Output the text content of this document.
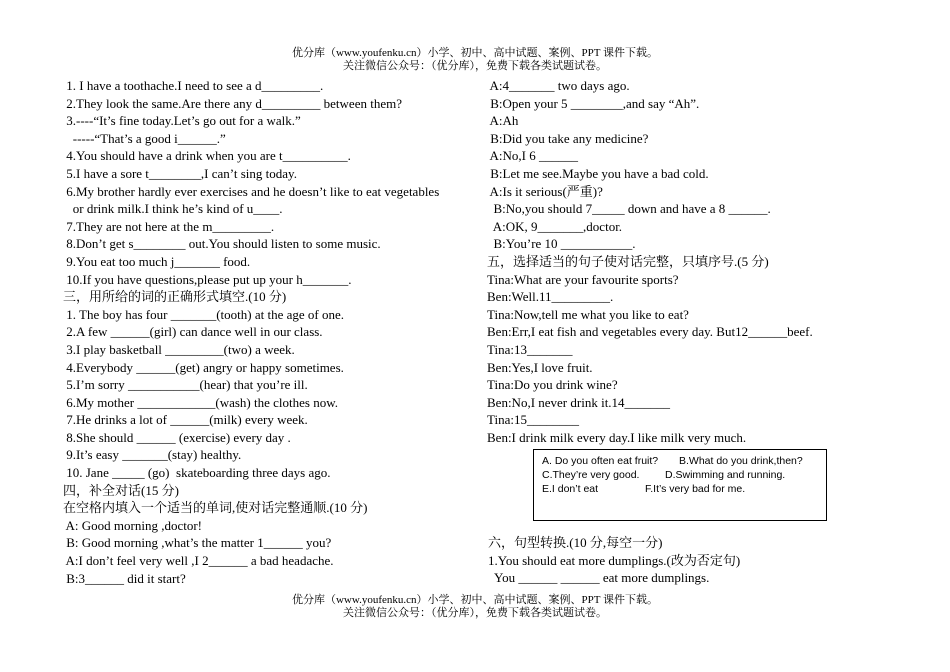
优分库（www.youfenku.cn）小学、初中、高中试题、案例、PPT 课件下载。
关注微信公众号：（优分库），免费下载各类试题试卷。
1. I have a toothache.I need to see a d_________.
2.They look the same.Are there any d_________ between them?
3.----“It’s fine today.Let’s go out for a walk.”
-----“That’s a good i______.”
4.You should have a drink when you are t__________.
5.I have a sore t________,I can’t sing today.
6.My brother hardly ever exercises and he doesn’t like to eat vegetables
or drink milk.I think he’s kind of u____.
7.They are not here at the m_________.
8.Don’t get s________ out.You should listen to some music.
9.You eat too much j_______ food.
10.If you have questions,please put up your h_______.
三，用所给的词的正确形式填空.(10 分)
1. The boy has four _______(tooth) at the age of one.
2.A few ______(girl) can dance well in our class.
3.I play basketball _________(two) a week.
4.Everybody ______(get) angry or happy sometimes.
5.I’m sorry ___________(hear) that you’re ill.
6.My mother ____________(wash) the clothes now.
7.He drinks a lot of ______(milk) every week.
8.She should ______ (exercise) every day .
9.It’s easy _______(stay) healthy.
10. Jane _____ (go)  skateboarding three days ago.
四，补全对话(15 分)
在空格内填入一个适当的单词,使对话完整通顺.(10 分)
A: Good morning ,doctor!
B: Good morning ,what’s the matter 1______ you?
A:I don’t feel very well ,I 2______ a bad headache.
B:3______ did it start?
A:4_______ two days ago.
B:Open your 5 ________,and say “Ah”.
A:Ah
B:Did you take any medicine?
A:No,I 6 ______
B:Let me see.Maybe you have a bad cold.
A:Is it serious(严重)?
B:No,you should 7_____ down and have a 8 ______.
A:OK, 9_______,doctor.
B:You’re 10 ___________.
五，选择适当的句子使对话完整，只填序号.(5 分)
Tina:What are your favourite sports?
Ben:Well.11_________.
Tina:Now,tell me what you like to eat?
Ben:Err,I eat fish and vegetables every day. But12______beef.
Tina:13_______
Ben:Yes,I love fruit.
Tina:Do you drink wine?
Ben:No,I never drink it.14_______
Tina:15________
Ben:I drink milk every day.I like milk very much.
A. Do you often eat fruit? B.What do you drink,then?
C.They’re very good. D.Swimming and running.
E.I don’t eat	F.It’s very bad for me.
六，句型转换.(10 分,每空一分)
1.You should eat more dumplings.(改为否定句)
You ______ ______ eat more dumplings.
优分库（www.youfenku.cn）小学、初中、高中试题、案例、PPT 课件下载。
关注微信公众号：（优分库），免费下载各类试题试卷。
